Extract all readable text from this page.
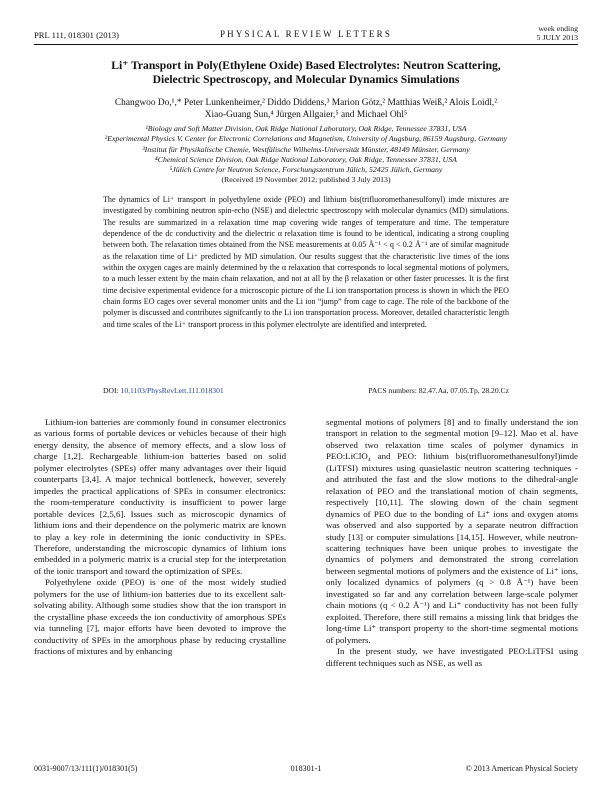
PRL 111, 018301 (2013)	PHYSICAL REVIEW LETTERS
week ending
5 JULY 2013
Li⁺ Transport in Poly(Ethylene Oxide) Based Electrolytes: Neutron Scattering,
Dielectric Spectroscopy, and Molecular Dynamics Simulations
Changwoo Do,¹,* Peter Lunkenheimer,² Diddo Diddens,³ Marion Götz,² Matthias Weiß,² Alois Loidl,²
Xiao-Guang Sun,⁴ Jürgen Allgaier,⁵ and Michael Ohl⁵
¹Biology and Soft Matter Division, Oak Ridge National Laboratory, Oak Ridge, Tennessee 37831, USA
²Experimental Physics V, Center for Electronic Correlations and Magnetism, University of Augsburg, 86159 Augsburg, Germany
³Institut für Physikalische Chemie, Westfälische Wilhelms-Universität Münster, 48149 Münster, Germany
⁴Chemical Science Division, Oak Ridge National Laboratory, Oak Ridge, Tennessee 37831, USA
⁵Jülich Centre for Neutron Science, Forschungszentrum Jülich, 52425 Jülich, Germany
(Received 19 November 2012; published 3 July 2013)
The dynamics of Li⁺ transport in polyethylene oxide (PEO) and lithium bis(trifluoromethanesulfonyl) imde mixtures are investigated by combining neutron spin-echo (NSE) and dielectric spectroscopy with molecular dynamics (MD) simulations. The results are summarized in a relaxation time map covering wide ranges of temperature and time. The temperature dependence of the dc conductivity and the dielectric α relaxation time is found to be identical, indicating a strong coupling between both. The relaxation times obtained from the NSE measurements at 0.05 Å⁻¹ < q < 0.2 Å⁻¹ are of similar magnitude as the relaxation time of Li⁺ predicted by MD simulation. Our results suggest that the characteristic live times of the ions within the oxygen cages are mainly determined by the α relaxation that corresponds to local segmental motions of polymers, to a much lesser extent by the main chain relaxation, and not at all by the β relaxation or other faster processes. It is the first time decisive experimental evidence for a microscopic picture of the Li ion transportation process is shown in which the PEO chain forms EO cages over several monomer units and the Li ion “jump” from cage to cage. The role of the backbone of the polymer is discussed and contributes signifcantly to the Li ion transportation process. Moreover, detailed characteristic length and time scales of the Li⁺ transport process in this polymer electrolyte are identified and interpreted.
DOI: 10.1103/PhysRevLett.111.018301	PACS numbers: 82.47.Aa, 07.05.Tp, 28.20.Cz

Lithium-ion batteries are commonly found in consumer electronics as various forms of portable devices or vehicles because of their high energy density, the absence of memory effects, and a slow loss of charge [1,2]. Rechargeable lithium-ion batteries based on solid polymer electrolytes (SPEs) offer many advantages over their liquid counterparts [3,4]. A major technical bottleneck, however, severely impedes the practical applications of SPEs in consumer electronics: the room-temperature conductivity is insufficient to power large portable devices [2,5,6]. Issues such as microscopic dynamics of lithium ions and their dependence on the polymeric matrix are known to play a key role in determining the ionic conductivity in SPEs. Therefore, understanding the microscopic dynamics of lithium ions embedded in a polymeric matrix is a crucial step for the interpretation of the ionic transport and toward the optimization of SPEs.

Polyethylene oxide (PEO) is one of the most widely studied polymers for the use of lithium-ion batteries due to its excellent salt-solvating ability. Although some studies show that the ion transport in the crystalline phase exceeds the ion conductivity of amorphous SPEs via tunneling [7], major efforts have been devoted to improve the conductivity of SPEs in the amorphous phase by reducing crystalline fractions of mixtures and by enhancing

segmental motions of polymers [8] and to finally understand the ion transport in relation to the segmental motion [9–12]. Mao et al. have observed two relaxation time scales of polymer dynamics in PEO:LiClO₄ and PEO: lithium bis(trifluoromethanesulfonyl)imde (LiTFSI) mixtures using quasielastic neutron scattering techniques -and attributed the fast and the slow motions to the dihedral-angle relaxation of PEO and the translational motion of chain segments, respectively [10,11]. The slowing down of the chain segment dynamics of PEO due to the bonding of Li⁺ ions and oxygen atoms was observed and also supported by a separate neutron diffraction study [13] or computer simulations [14,15]. However, while neutron-scattering techniques have been unique probes to investigate the dynamics of polymers and demonstrated the strong correlation between segmental motions of polymers and the existence of Li⁺ ions, only localized dynamics of polymers (q > 0.8 Å⁻¹) have been investigated so far and any correlation between large-scale polymer chain motions (q < 0.2 Å⁻¹) and Li⁺ conductivity has not been fully exploited. Therefore, there still remains a missing link that bridges the long-time Li⁺ transport property to the short-time segmental motions of polymers.

In the present study, we have investigated PEO:LiTFSI using different techniques such as NSE, as well as

0031-9007/13/111(1)/018301(5)	018301-1	© 2013 American Physical Society
